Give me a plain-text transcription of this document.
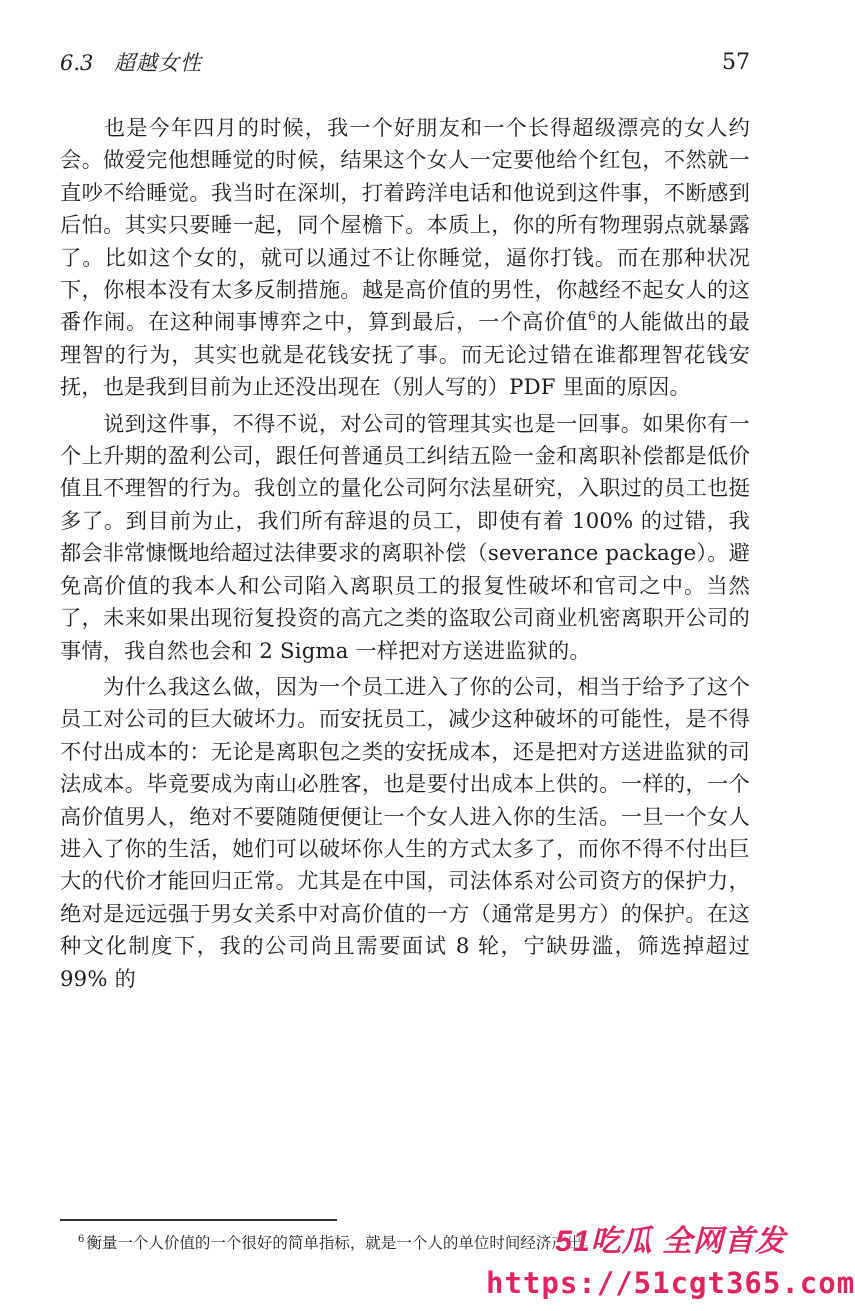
6.3 超越女性	57

也是今年四月的时候，我一个好朋友和一个长得超级漂亮的女人约会。做爱完他想睡觉的时候，结果这个女人一定要他给个红包，不然就一直吵不给睡觉。我当时在深圳，打着跨洋电话和他说到这件事，不断感到后怕。其实只要睡一起，同个屋檐下。本质上，你的所有物理弱点就暴露了。比如这个女的，就可以通过不让你睡觉，逼你打钱。而在那种状况下，你根本没有太多反制措施。越是高价值的男性，你越经不起女人的这番作闹。在这种闹事博弈之中，算到最后，一个高价值$^6$的人能做出的最理智的行为，其实也就是花钱安抚了事。而无论过错在谁都理智花钱安抚，也是我到目前为止还没出现在（别人写的）PDF 里面的原因。

说到这件事，不得不说，对公司的管理其实也是一回事。如果你有一个上升期的盈利公司，跟任何普通员工纠结五险一金和离职补偿都是低价值且不理智的行为。我创立的量化公司阿尔法星研究，入职过的员工也挺多了。到目前为止，我们所有辞退的员工，即使有着 100% 的过错，我都会非常慷慨地给超过法律要求的离职补偿（severance package）。避免高价值的我本人和公司陷入离职员工的报复性破坏和官司之中。当然了，未来如果出现衍复投资的高亢之类的盗取公司商业机密离职开公司的事情，我自然也会和 2 Sigma 一样把对方送进监狱的。

为什么我这么做，因为一个员工进入了你的公司，相当于给予了这个员工对公司的巨大破坏力。而安抚员工，减少这种破坏的可能性，是不得不付出成本的：无论是离职包之类的安抚成本，还是把对方送进监狱的司法成本。毕竟要成为南山必胜客，也是要付出成本上供的。一样的，一个高价值男人，绝对不要随随便便让一个女人进入你的生活。一旦一个女人进入了你的生活，她们可以破坏你人生的方式太多了，而你不得不付出巨大的代价才能回归正常。尤其是在中国，司法体系对公司资方的保护力，绝对是远远强于男女关系中对高价值的一方（通常是男方）的保护。在这种文化制度下，我的公司尚且需要面试 8 轮，宁缺毋滥，筛选掉超过 99% 的

$^6$ 衡量一个人价值的一个很好的简单指标，就是一个人的单位时间经济产出。
51吃瓜 全网首发
https://51cgt365.com
